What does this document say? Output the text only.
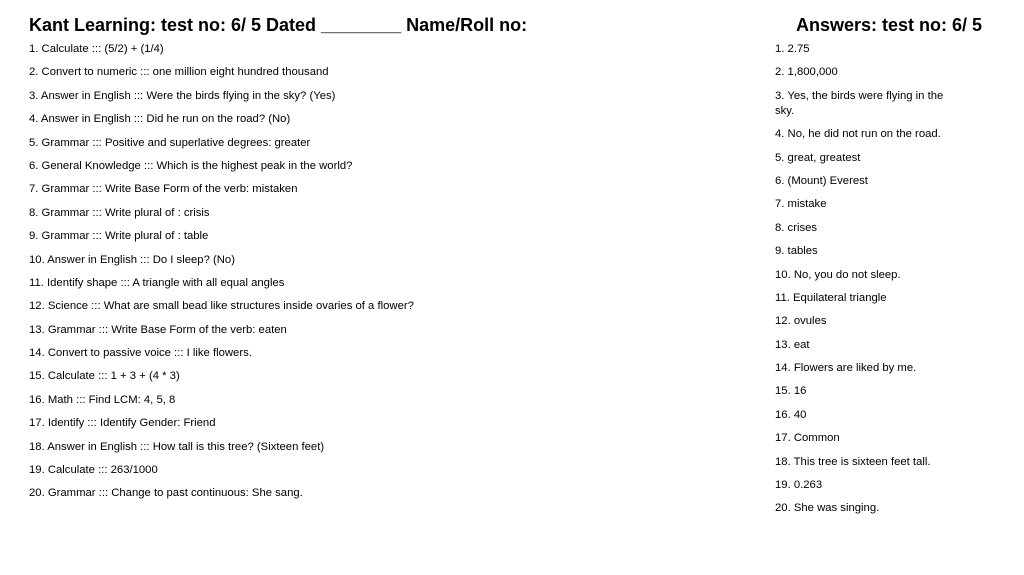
Kant Learning: test no: 6/ 5 Dated ________ Name/Roll no:	Answers: test no: 6/ 5
1. Calculate ::: (5/2) + (1/4)
2. Convert to numeric ::: one million eight hundred thousand
3. Answer in English ::: Were the birds flying in the sky? (Yes)
4. Answer in English ::: Did he run on the road? (No)
5. Grammar ::: Positive and superlative degrees: greater
6. General Knowledge ::: Which is the highest peak in the world?
7. Grammar ::: Write Base Form of the verb: mistaken
8. Grammar ::: Write plural of : crisis
9. Grammar ::: Write plural of : table
10. Answer in English ::: Do I sleep? (No)
11. Identify shape ::: A triangle with all equal angles
12. Science ::: What are small bead like structures inside ovaries of a flower?
13. Grammar ::: Write Base Form of the verb: eaten
14. Convert to passive voice ::: I like flowers.
15. Calculate ::: 1 + 3 + (4 * 3)
16. Math ::: Find LCM: 4, 5, 8
17. Identify ::: Identify Gender: Friend
18. Answer in English ::: How tall is this tree? (Sixteen feet)
19. Calculate ::: 263/1000
20. Grammar ::: Change to past continuous: She sang.
1. 2.75
2. 1,800,000
3. Yes, the birds were flying in the sky.
4. No, he did not run on the road.
5. great, greatest
6. (Mount) Everest
7. mistake
8. crises
9. tables
10. No, you do not sleep.
11. Equilateral triangle
12. ovules
13. eat
14. Flowers are liked by me.
15. 16
16. 40
17. Common
18. This tree is sixteen feet tall.
19. 0.263
20. She was singing.
